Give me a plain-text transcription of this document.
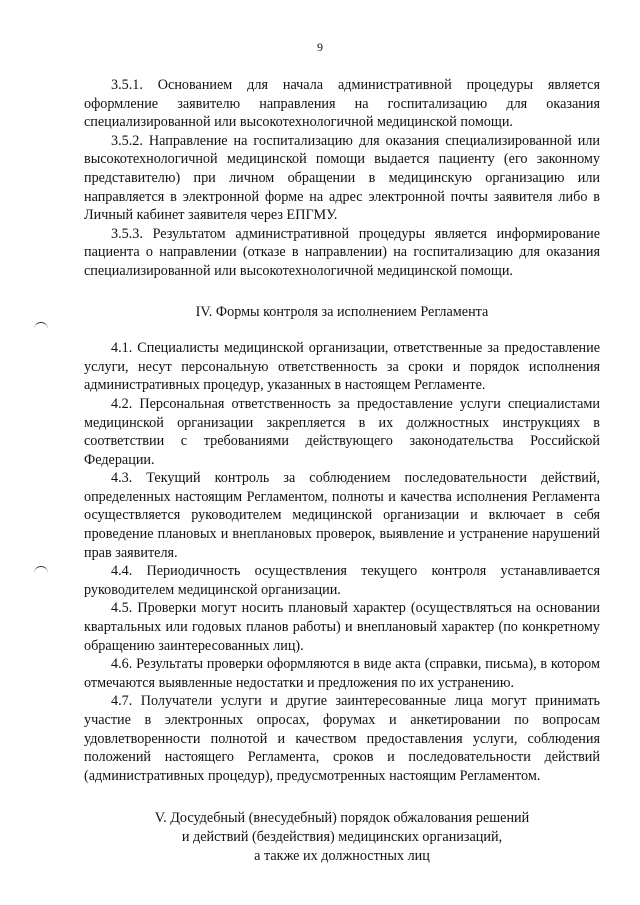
9

3.5.1. Основанием для начала административной процедуры является оформление заявителю направления на госпитализацию для оказания специализированной или высокотехнологичной медицинской помощи.

3.5.2. Направление на госпитализацию для оказания специализированной или высокотехнологичной медицинской помощи выдается пациенту (его законному представителю) при личном обращении в медицинскую организацию или направляется в электронной форме на адрес электронной почты заявителя либо в Личный кабинет заявителя через ЕПГМУ.

3.5.3. Результатом административной процедуры является информирование пациента о направлении (отказе в направлении) на госпитализацию для оказания специализированной или высокотехнологичной медицинской помощи.

IV. Формы контроля за исполнением Регламента

4.1. Специалисты медицинской организации, ответственные за предоставление услуги, несут персональную ответственность за сроки и порядок исполнения административных процедур, указанных в настоящем Регламенте.

4.2. Персональная ответственность за предоставление услуги специалистами медицинской организации закрепляется в их должностных инструкциях в соответствии с требованиями действующего законодательства Российской Федерации.

4.3. Текущий контроль за соблюдением последовательности действий, определенных настоящим Регламентом, полноты и качества исполнения Регламента осуществляется руководителем медицинской организации и включает в себя проведение плановых и внеплановых проверок, выявление и устранение нарушений прав заявителя.

4.4. Периодичность осуществления текущего контроля устанавливается руководителем медицинской организации.

4.5. Проверки могут носить плановый характер (осуществляться на основании квартальных или годовых планов работы) и внеплановый характер (по конкретному обращению заинтересованных лиц).

4.6. Результаты проверки оформляются в виде акта (справки, письма), в котором отмечаются выявленные недостатки и предложения по их устранению.

4.7. Получатели услуги и другие заинтересованные лица могут принимать участие в электронных опросах, форумах и анкетировании по вопросам удовлетворенности полнотой и качеством предоставления услуги, соблюдения положений настоящего Регламента, сроков и последовательности действий (административных процедур), предусмотренных настоящим Регламентом.

V. Досудебный (внесудебный) порядок обжалования решений
и действий (бездействия) медицинских организаций,
а также их должностных лиц
